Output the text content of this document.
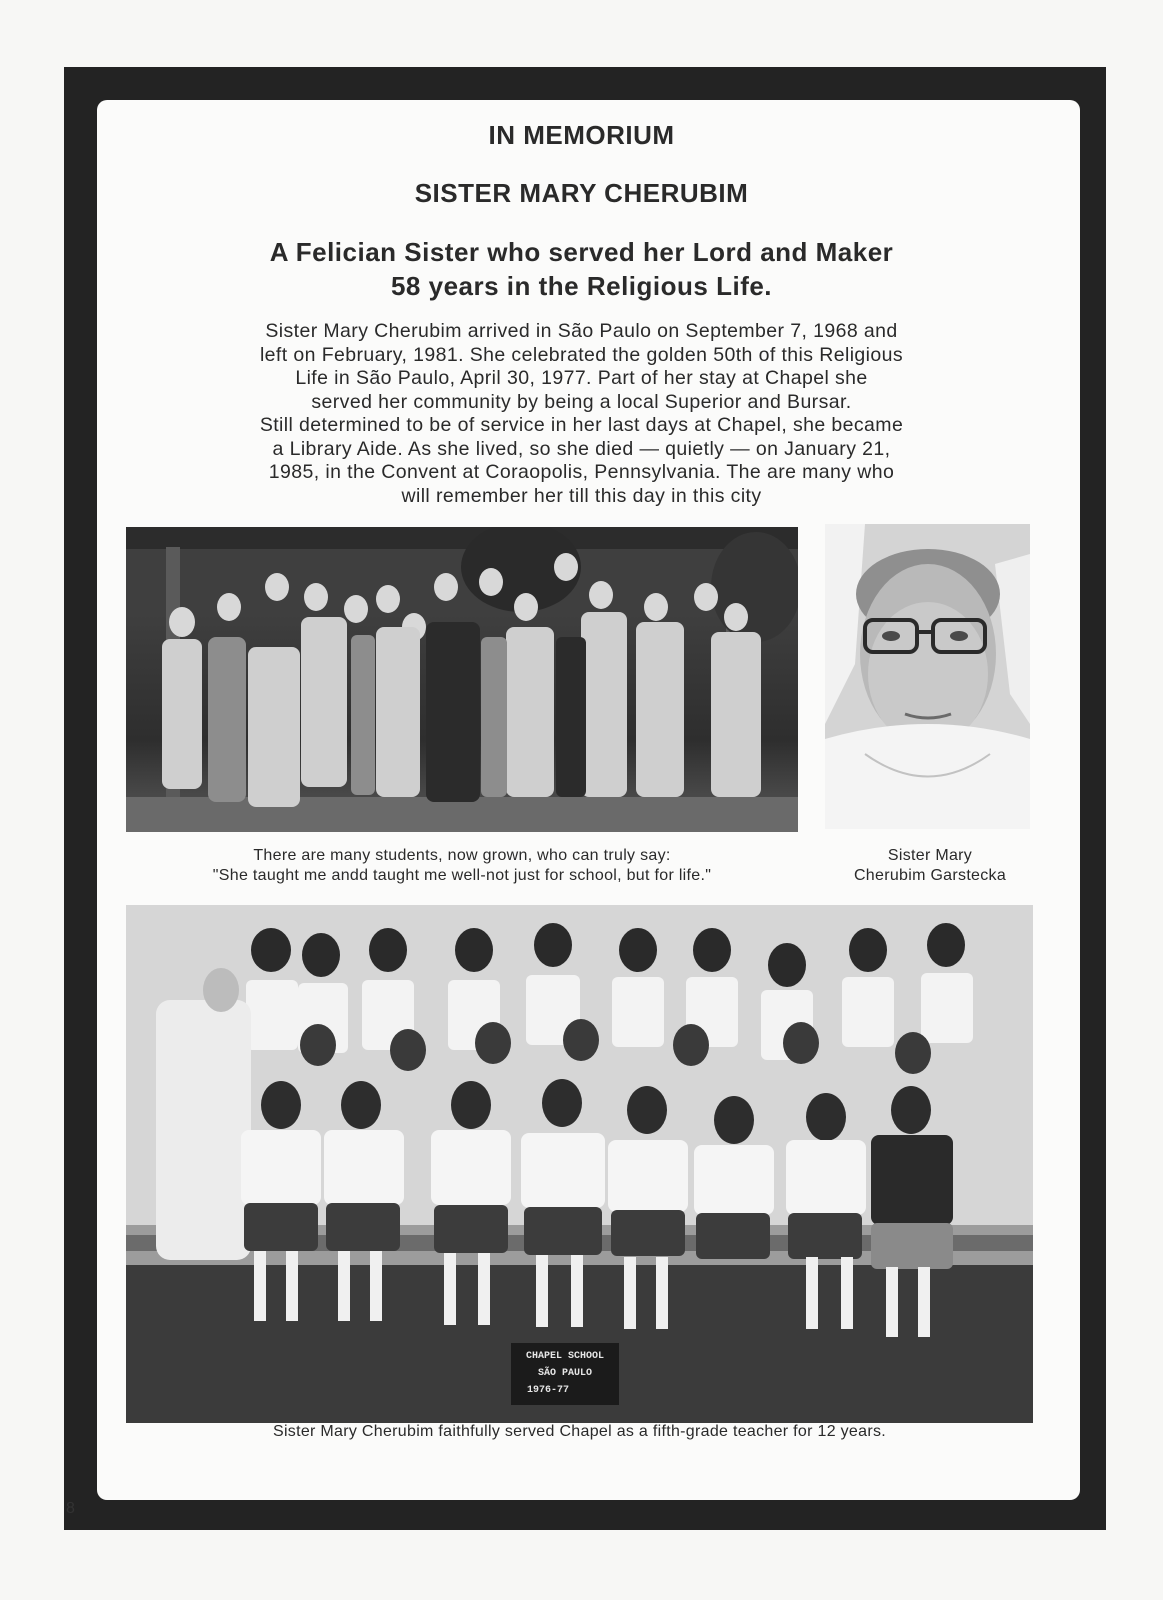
IN MEMORIUM
SISTER MARY CHERUBIM
A Felician Sister who served her Lord and Maker
58 years in the Religious Life.
Sister Mary Cherubim arrived in São Paulo on September 7, 1968 and
left on February, 1981. She celebrated the golden 50th of this Religious
Life in São Paulo, April 30, 1977. Part of her stay at Chapel she
served her community by being a local Superior and Bursar.
Still determined to be of service in her last days at Chapel, she became
a Library Aide. As she lived, so she died — quietly — on January 21,
1985, in the Convent at Coraopolis, Pennsylvania. The are many who
will remember her till this day in this city
There are many students, now grown, who can truly say:
"She taught me andd taught me well-not just for school, but for life."
Sister Mary
Cherubim Garstecka
CHAPEL SCHOOL
SÃO PAULO
1976-77
Sister Mary Cherubim faithfully served Chapel as a fifth-grade teacher for 12 years.
8
